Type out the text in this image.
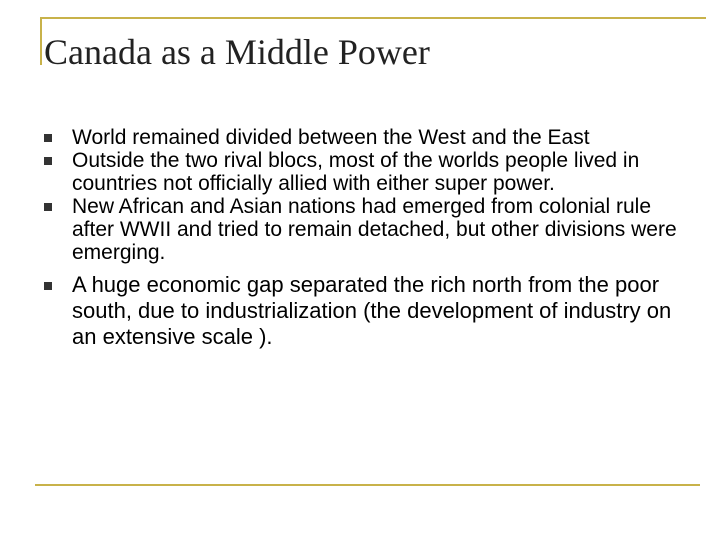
Canada as a Middle Power
World remained divided between the West and the East
Outside the two rival blocs, most of the worlds people lived in countries not officially allied with either super power.
New African and Asian nations had emerged from colonial rule after WWII and tried to remain detached, but other divisions were emerging.
A huge economic gap separated the rich north from the poor south, due to industrialization (the development of industry on an extensive scale ).
